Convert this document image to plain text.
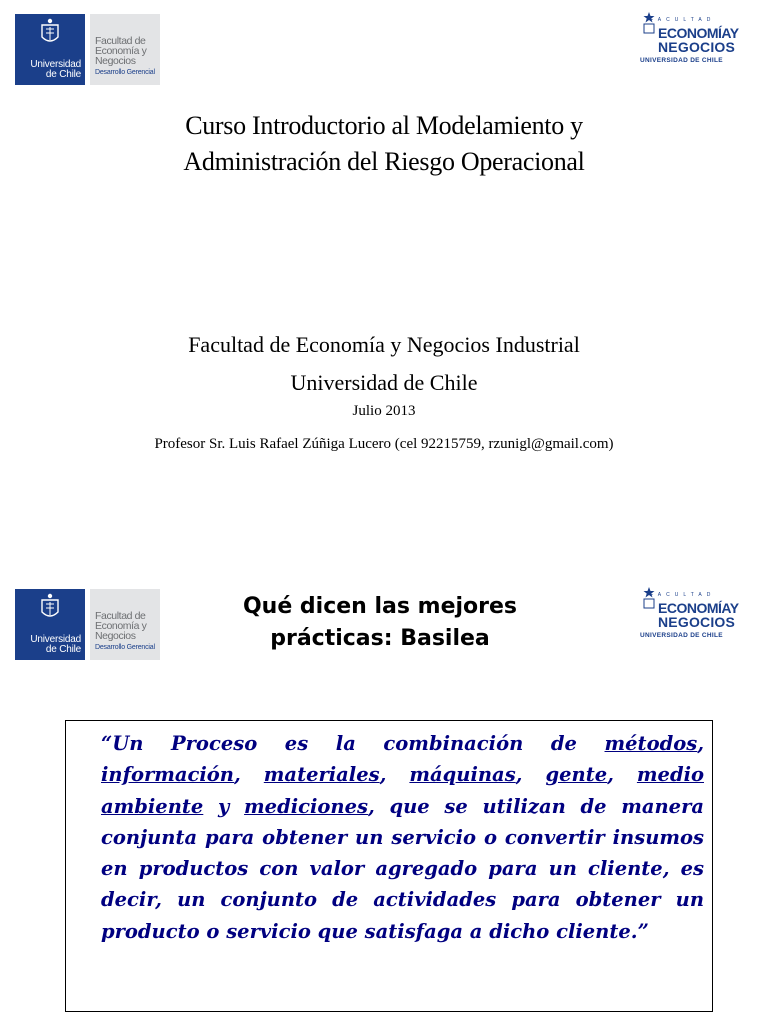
Universidad de Chile
Facultad de
Economía y
Negocios
Desarrollo Gerencial
FACULTAD
ECONOMÍAY
NEGOCIOS
UNIVERSIDAD DE CHILE
Curso Introductorio al Modelamiento y
Administración del Riesgo Operacional
Facultad de Economía y Negocios Industrial
Universidad de Chile
Julio 2013
Profesor Sr. Luis Rafael Zúñiga Lucero (cel 92215759, rzunigl@gmail.com)
Universidad de Chile
Facultad de
Economía y
Negocios
Desarrollo Gerencial
FACULTAD
ECONOMÍAY
NEGOCIOS
UNIVERSIDAD DE CHILE
Qué dicen las mejores
prácticas: Basilea

“Un Proceso es la combinación de métodos, información, materiales, máquinas, gente, medio ambiente y mediciones, que se utilizan de manera conjunta para obtener un servicio o convertir insumos en productos con valor agregado para un cliente, es decir, un conjunto de actividades para obtener un producto o servicio que satisfaga a dicho cliente.”
